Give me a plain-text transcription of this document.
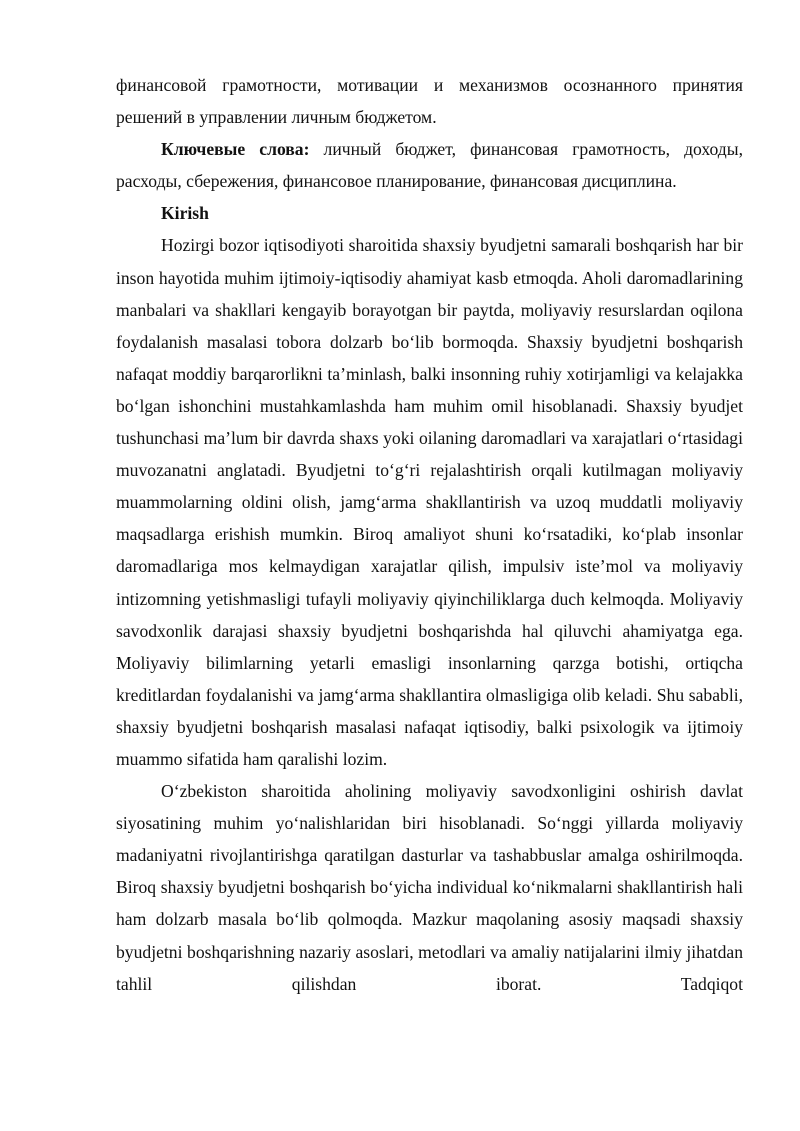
финансовой грамотности, мотивации и механизмов осознанного принятия решений в управлении личным бюджетом.

Ключевые слова: личный бюджет, финансовая грамотность, доходы, расходы, сбережения, финансовое планирование, финансовая дисциплина.

Kirish

Hozirgi bozor iqtisodiyoti sharoitida shaxsiy byudjetni samarali boshqarish har bir inson hayotida muhim ijtimoiy-iqtisodiy ahamiyat kasb etmoqda. Aholi daromadlarining manbalari va shakllari kengayib borayotgan bir paytda, moliyaviy resurslardan oqilona foydalanish masalasi tobora dolzarb bo‘lib bormoqda. Shaxsiy byudjetni boshqarish nafaqat moddiy barqarorlikni ta’minlash, balki insonning ruhiy xotirjamligi va kelajakka bo‘lgan ishonchini mustahkamlashda ham muhim omil hisoblanadi. Shaxsiy byudjet tushunchasi ma’lum bir davrda shaxs yoki oilaning daromadlari va xarajatlari o‘rtasidagi muvozanatni anglatadi. Byudjetni to‘g‘ri rejalashtirish orqali kutilmagan moliyaviy muammolarning oldini olish, jamg‘arma shakllantirish va uzoq muddatli moliyaviy maqsadlarga erishish mumkin. Biroq amaliyot shuni ko‘rsatadiki, ko‘plab insonlar daromadlariga mos kelmaydigan xarajatlar qilish, impulsiv iste’mol va moliyaviy intizomning yetishmasligi tufayli moliyaviy qiyinchiliklarga duch kelmoqda. Moliyaviy savodxonlik darajasi shaxsiy byudjetni boshqarishda hal qiluvchi ahamiyatga ega. Moliyaviy bilimlarning yetarli emasligi insonlarning qarzga botishi, ortiqcha kreditlardan foydalanishi va jamg‘arma shakllantira olmasligiga olib keladi. Shu sababli, shaxsiy byudjetni boshqarish masalasi nafaqat iqtisodiy, balki psixologik va ijtimoiy muammo sifatida ham qaralishi lozim.

O‘zbekiston sharoitida aholining moliyaviy savodxonligini oshirish davlat siyosatining muhim yo‘nalishlaridan biri hisoblanadi. So‘nggi yillarda moliyaviy madaniyatni rivojlantirishga qaratilgan dasturlar va tashabbuslar amalga oshirilmoqda. Biroq shaxsiy byudjetni boshqarish bo‘yicha individual ko‘nikmalarni shakllantirish hali ham dolzarb masala bo‘lib qolmoqda. Mazkur maqolaning asosiy maqsadi shaxsiy byudjetni boshqarishning nazariy asoslari, metodlari va amaliy natijalarini ilmiy jihatdan tahlil qilishdan iborat. Tadqiqot
